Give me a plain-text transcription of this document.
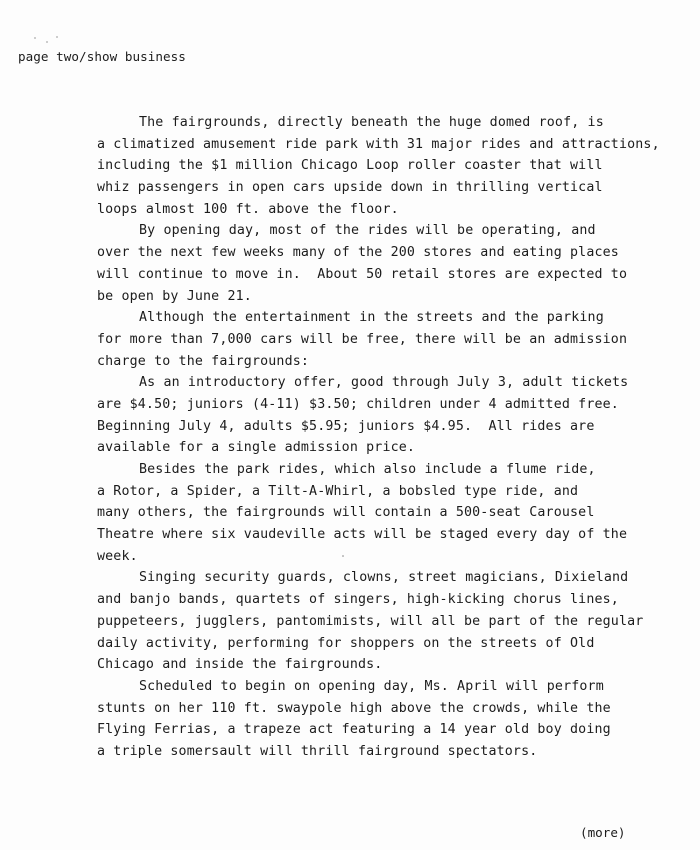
page two/show business
The fairgrounds, directly beneath the huge domed roof, is
a climatized amusement ride park with 31 major rides and attractions,
including the $1 million Chicago Loop roller coaster that will
whiz passengers in open cars upside down in thrilling vertical
loops almost 100 ft. above the floor.
By opening day, most of the rides will be operating, and
over the next few weeks many of the 200 stores and eating places
will continue to move in.  About 50 retail stores are expected to
be open by June 21.
Although the entertainment in the streets and the parking
for more than 7,000 cars will be free, there will be an admission
charge to the fairgrounds:
As an introductory offer, good through July 3, adult tickets
are $4.50; juniors (4-11) $3.50; children under 4 admitted free.
Beginning July 4, adults $5.95; juniors $4.95.  All rides are
available for a single admission price.
Besides the park rides, which also include a flume ride,
a Rotor, a Spider, a Tilt-A-Whirl, a bobsled type ride, and
many others, the fairgrounds will contain a 500-seat Carousel
Theatre where six vaudeville acts will be staged every day of the
week.
Singing security guards, clowns, street magicians, Dixieland
and banjo bands, quartets of singers, high-kicking chorus lines,
puppeteers, jugglers, pantomimists, will all be part of the regular
daily activity, performing for shoppers on the streets of Old
Chicago and inside the fairgrounds.
Scheduled to begin on opening day, Ms. April will perform
stunts on her 110 ft. swaypole high above the crowds, while the
Flying Ferrias, a trapeze act featuring a 14 year old boy doing
a triple somersault will thrill fairground spectators.
(more)
